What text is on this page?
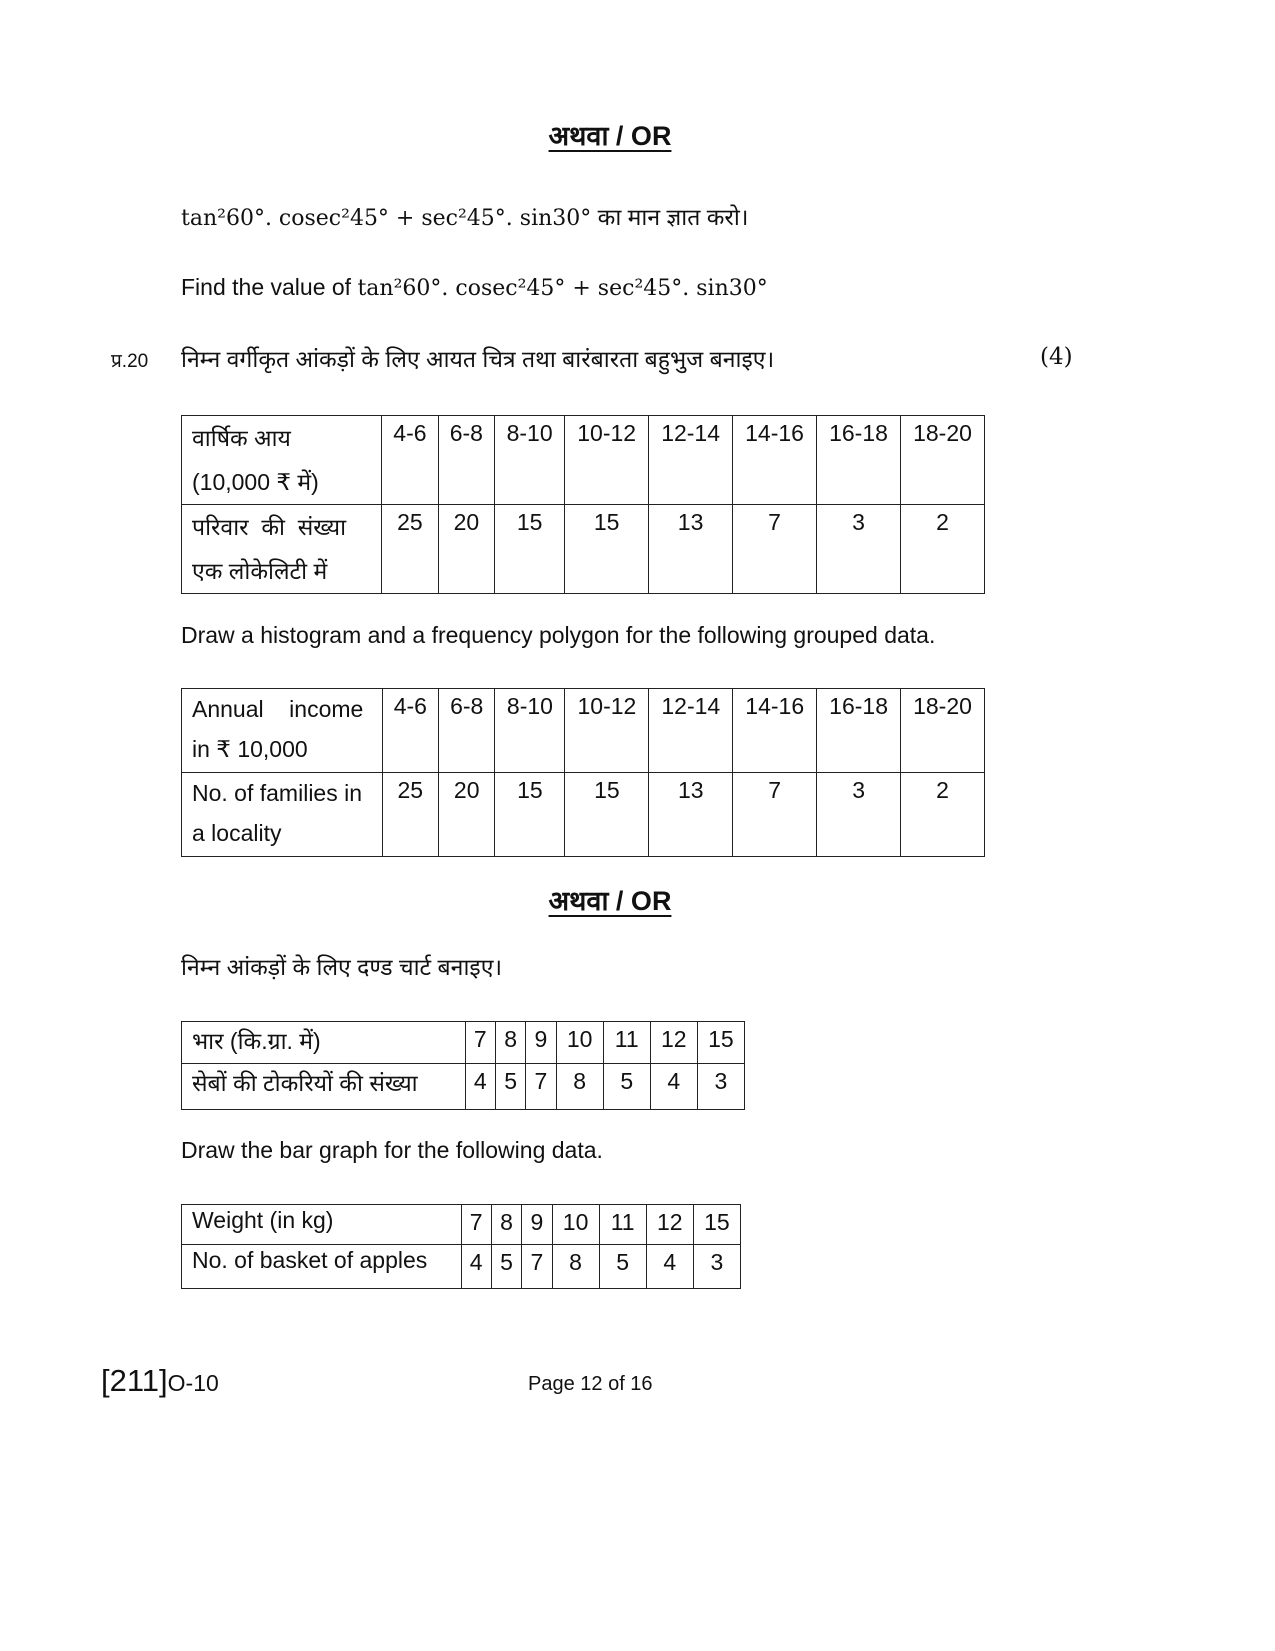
अथवा / OR
tan²60°. cosec²45° + sec²45°. sin30° का मान ज्ञात करो।
Find the value of tan²60°. cosec²45° + sec²45°. sin30°
प्र.20 निम्न वर्गीकृत आंकड़ों के लिए आयत चित्र तथा बारंबारता बहुभुज बनाइए।	(4)
वार्षिक आय
(10,000 ₹ में)	4-6	6-8	8-10	10-12	12-14	14-16	16-18	18-20

परिवार  की  संख्या
एक लोकेलिटी में	25	20	15	15	13	7	3	2
Draw a histogram and a frequency polygon for the following grouped data.
Annual    income
in ₹ 10,000	4-6	6-8	8-10	10-12	12-14	14-16	16-18	18-20

No. of families in
a locality	25	20	15	15	13	7	3	2
अथवा / OR
निम्न आंकड़ों के लिए दण्ड चार्ट बनाइए।
भार (कि.ग्रा. में)	7	8	9	10	11	12	15
सेबों की टोकरियों की संख्या	4	5	7	8	5	4	3
Draw the bar graph for the following data.
Weight (in kg)	7	8	9	10	11	12	15
No. of basket of apples	4	5	7	8	5	4	3
[211]O-10	Page 12 of 16
